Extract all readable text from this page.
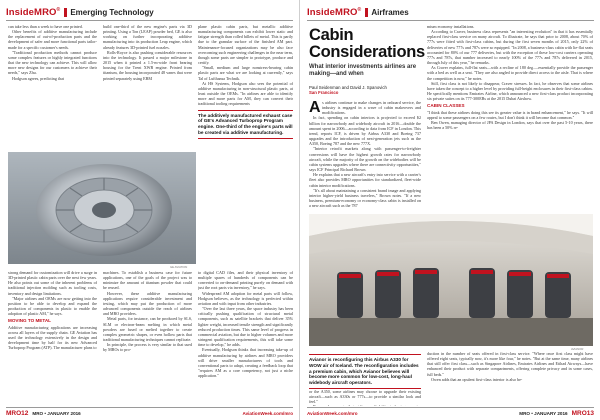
InsideMRO® Emerging Technology

can take less than a week to have one printed.

Other benefits of additive manufacturing include the replacement of out-of-production parts and the development of safer and more functional parts tailor-made for a specific customer's needs.

"Traditional production methods cannot produce some complex features or highly integrated functions that the new technology can achieve. This will allow more new designs for our customers to achieve their needs," says Zhu.

Hodgson agrees, predicting that

build one-third of the new engine's parts via 3D printing. Using a Ton (LEAP) powder bed, GE is also working on further incorporating additive manufacturing into its production Leap engine, which already features 3D-printed fuel nozzles.

Rolls-Royce is also pushing considerable resources into the technology. It passed a major milestone in 2015 when it printed a 1.5-m-wide front bearing housing for the Trent XWB engine. Printed from titanium, the housing incorporated 48 vanes that were printed separately using EBM

plane plastic cabin parts, but metallic additive manufacturing components can exhibit lower static and fatigue strength than rolled billets of metal. This is partly due to the granular surface of the finished AM part. Maintenance-focused organizations may be also face overcoming such engineering challenges in the near term, though some parts are simpler to prototype, produce and certify.

"Small, medium and large nonstress-bearing cabin plastic parts are what we are looking at currently," says Tal of Lufthansa Technik.

At HS Systems, Hodgson also sees the potential of additive manufacturing in non-structural plastic parts, at least outside the OEMs. "In airlines are able to identify more and more parts for AM, they can convert their traditional tooling requirements

The additively manufactured exhaust case of GE's Advanced Turboprop Program engine. One-third of the engine's parts will be created via additive manufacturing.

GE AVIATION

strong demand for customization will drive a surge in 3D-printed plastic cabin parts over the next few years. He also points out some of the inherent problems of traditional injection molding such as tooling costs, inventory and design limitations.

"Major airlines and OEMs are now getting into the position to be able to develop and expand the production of components in plastic to enable the adoption of plastic AM," he says.

MOVING TO METAL

Additive manufacturing applications are increasing across all layers of the supply chain. GE Aviation has used the technology extensively in the design and development time by half for its new Advanced Turboprop Program (ATP). The manufacturer plans to

machines. To establish a business case for future applications, one of the goals of the project was to minimize the amount of titanium powder that could be reused.

However, these additive manufacturing applications require considerable investment and testing, which may put the production of more advanced components outside the reach of airlines and MRO providers.

Metal parts, for instance, can be produced by SLS, SLM or electron-beam melting in which metal powders are fused or melted together to create complex geometric shapes, or even hollow parts that traditional manufacturing techniques cannot replicate.

In principle, the process is very similar to that used by MROs to pro-

to digital CAD files, and their physical inventory of multiple spares of hundreds of components can be converted to on-demand printing purely on demand with just the root parts via inventory," he says.

Widespread AM adoption for metal parts will follow, Hodgson believes, as the technology is perfected within aviation and with input from other industries.

"Over the last three years, the space industry has been critically pushing qualification of structural metal components, such as satellite brackets that deliver 35% lighter weight, increased tensile strength and significantly reduced production times. This same level of progress in commercial aviation, but due to higher volumes and more stringent qualification requirements, this will take some time to develop," he adds.

Eventually, Hodgson thinks that increasing take-up of additive manufacturing by airlines and MRO providers will drive smaller manufacturers of tools and conventional parts to adapt, creating a feedback loop that "requires AM as a core competency, not just a niche application."

MRO12 MRO • JANUARY 2016	AviationWeek.com/mro
InsideMRO® Airframes
Cabin Considerations
What interior investments airlines are making—and when
Paul Seidenman and David J. Spanovich
San Francisco

As airlines continue to make changes in onboard service, the industry is engaged in a wave of cabin makeovers and modifications.

In fact, spending on cabin interiors is projected to exceed $2 billion for narrowbody and widebody aircraft in 2016—double the amount spent in 2006—according to data from ICF in London. This trend, reports ICF, is driven by Airbus A330 and Boeing 737 upgrades and the introduction of next-generation jets such as the A350, Boeing 787 and the new 777X.

"Interior retrofit markets along with passenger-to-freighter conversions will have the highest growth rates for narrowbody aircraft, while the majority of the growth on the widebodies will be cabin systems upgrades where there are connectivity opportunities," says ICF Principal Richard Brown.

He explains that a new aircraft's entry into service with a carrier's fleet also provides MRO opportunities for standardized, fleet-wide cabin interior modifications.

"It's all about maintaining a consistent brand image and applying interior higher-yield business travelers," Brown notes. "If a new business, premium-economy or economy-class cabin is installed on a new aircraft such as the 787

mium economy installations.

According to Craver, business class represents "an interesting evolution" in that it has essentially replaced first-class service on many aircraft. To illustrate, he says that prior to 2008, about 70% of 777s were fitted with first-class cabins, but during the first seven months of 2015, only 22% of deliveries of new 777s and 787s were so equipped. "In 2008, a business-class cabin with lie-flat seats accounted for 80% of our 777 deliveries, but with the exception of these low-cost carriers operating 777s and 787s, that number increased to nearly 100% of the 777s and 787s delivered in 2015, through July of this year," he remarks.

As Craver explains, full-flat seats—with a recline of 180 deg.—essentially provide the passenger with a bed as well as a seat. "They are also angled to provide direct access to the aisle. That is where the competition is now," he notes.

Still, first class is not likely to disappear, Craver stresses. In fact, he observes that some airlines have taken the concept to a higher level by providing full-height enclosures in their first-class cabins. He specifically mentions Emirates Airline, which announced a new first-class product incorporating six private suites on its 777-300ERs at the 2015 Dubai Airshow.

CABIN CLASSES

"I think that these airlines doing this see its greater value is in brand enhancement," he says. "It will appeal to some passengers on a few routes, but I don't think it will become that common."

Ben Owen, managing director of JPA Design in London, says that over the past 5-10 years, there has been a 50% re-

AVIANOR

Avianor is reconfiguring this Airbus A330 for WOW air of Iceland. The reconfiguration includes a premium cabin, which Avianor believes will become more common for low-cost, long-haul widebody aircraft operators.

or the A350, some airlines may choose to upgrade their existing aircraft—such as A330s or 777s—to provide a similar look and feel."

duction in the number of seats offered in first-class service. "Where once first class might have offered eight seats, typically now, it's more like four," he notes. "But at the same time, many airlines that still offer first class—such as Singapore Airlines, Emirates Airlines and Etihad Airways—have enhanced their product with separate compartments, offering complete privacy and in some cases, full beds."

Owen adds that an opulent first-class interior is also be-

AviationWeek.com/mro	MRO • JANUARY 2016 MRO13
